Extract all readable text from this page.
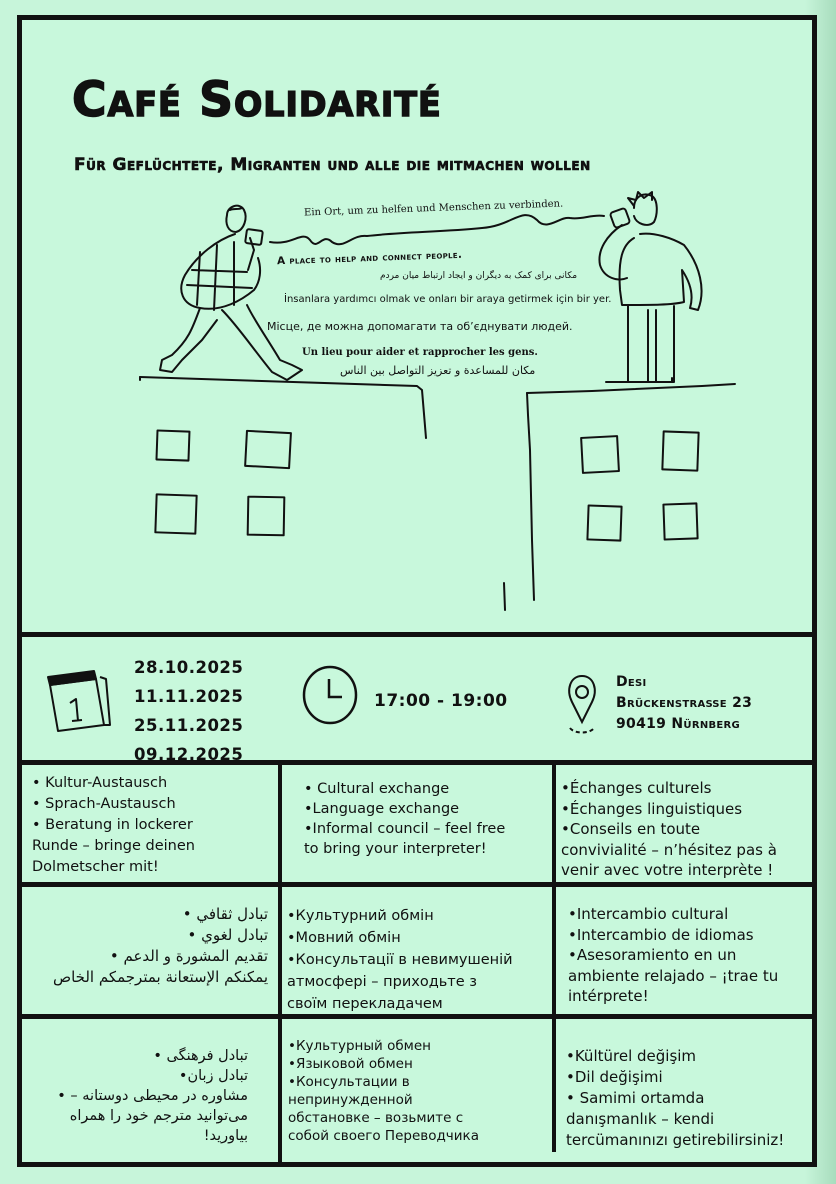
Café Solidarité
Für Geflüchtete, Migranten und alle die mitmachen wollen
Ein Ort, um zu helfen und Menschen zu verbinden.
A place to help and connect people.
مکانی برای کمک به دیگران و ایجاد ارتباط میان مردم
İnsanlara yardımcı olmak ve onları bir araya getirmek için bir yer.
Місце, де можна допомагати та об’єднувати людей.
Un lieu pour aider et rapprocher les gens.
مكان للمساعدة و تعزيز التواصل بين الناس
28.10.2025
11.11.2025
25.11.2025
09.12.2025
17:00 - 19:00
Desi
Brückenstraße 23
90419 Nürnberg
• Kultur-Austausch
• Sprach-Austausch
• Beratung in lockerer
Runde – bringe deinen
Dolmetscher mit!
• Cultural exchange
•Language exchange
•Informal council – feel free
to bring your interpreter!
•Échanges culturels
•Échanges linguistiques
•Conseils en toute
convivialité – n’hésitez pas à
venir avec votre interprète !
تبادل ثقافي •
تبادل لغوي •
تقديم المشورة و الدعم •
يمكنكم الإستعانة بمترجمكم الخاص
•Культурний обмін
•Мовний обмін
•Консультації в невимушеній
атмосфері – приходьте з
своїм перекладачем
•Intercambio cultural
•Intercambio de idiomas
•Asesoramiento en un
ambiente relajado – ¡trae tu
intérprete!
تبادل فرهنگی •
تبادل زبان•
مشاوره در محیطی دوستانه – •
می‌توانید مترجم خود را همراه
بیاورید!
•Культурный обмен
•Языковой обмен
•Консультации в
непринужденной
обстановке – возьмите с
собой своего Переводчика
•Kültürel değişim
•Dil değişimi
• Samimi ortamda
danışmanlık – kendi
tercümanınızı getirebilirsiniz!
